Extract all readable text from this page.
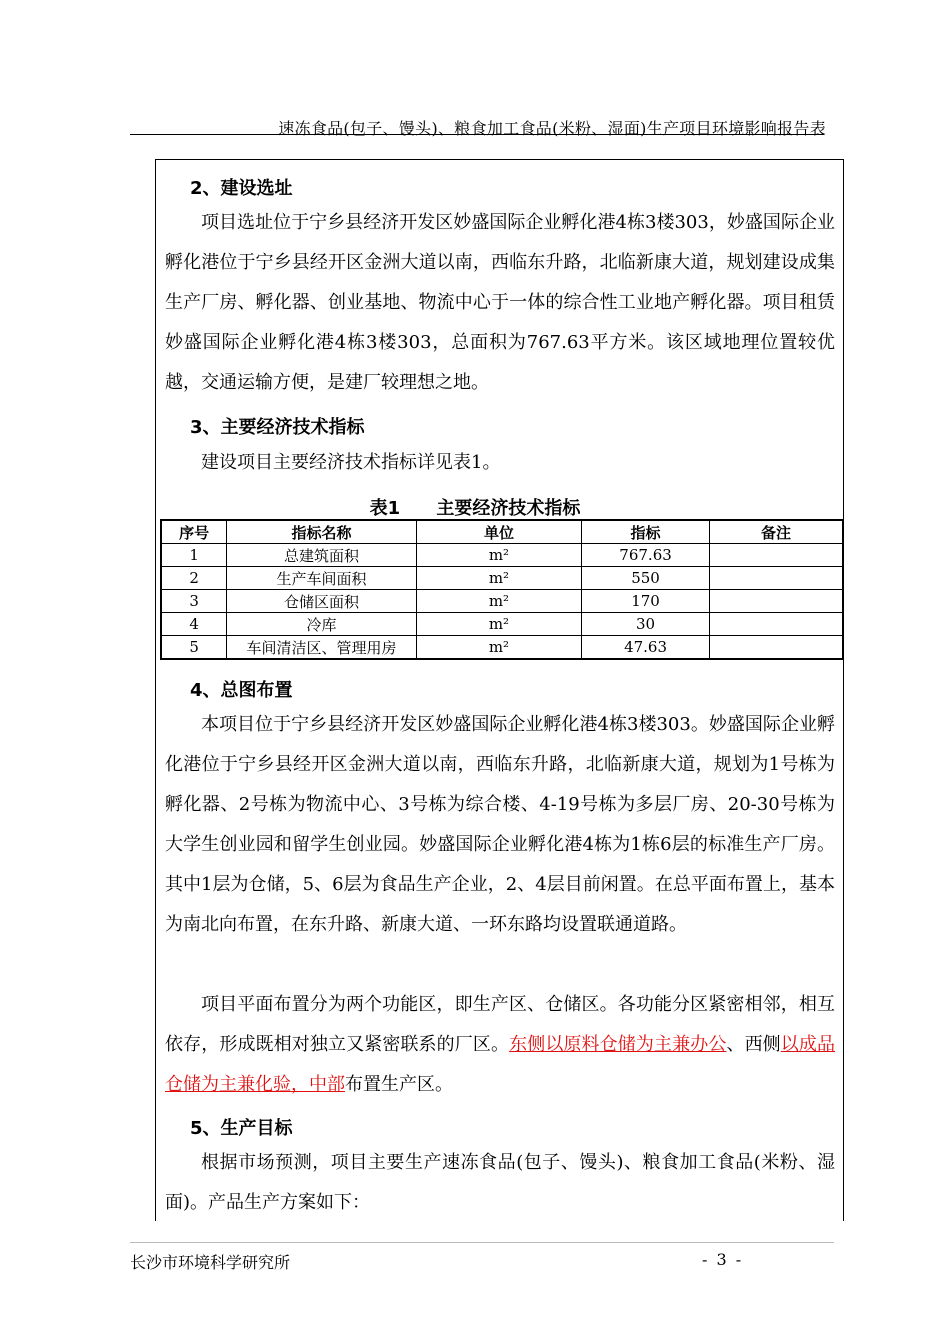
速冻食品(包子、馒头)、粮食加工食品(米粉、湿面)生产项目环境影响报告表
2、建设选址

项目选址位于宁乡县经济开发区妙盛国际企业孵化港4栋3楼303，妙盛国际企业孵化港位于宁乡县经开区金洲大道以南，西临东升路，北临新康大道，规划建设成集生产厂房、孵化器、创业基地、物流中心于一体的综合性工业地产孵化器。项目租赁妙盛国际企业孵化港4栋3楼303，总面积为767.63平方米。该区域地理位置较优越，交通运输方便，是建厂较理想之地。

3、主要经济技术指标

建设项目主要经济技术指标详见表1。

表1 主要经济技术指标
序号	指标名称	单位	指标	备注
1	总建筑面积	m²	767.63	
2	生产车间面积	m²	550	
3	仓储区面积	m²	170	
4	冷库	m²	30	
5	车间清洁区、管理用房	m²	47.63	
4、总图布置

本项目位于宁乡县经济开发区妙盛国际企业孵化港4栋3楼303。妙盛国际企业孵化港位于宁乡县经开区金洲大道以南，西临东升路，北临新康大道，规划为1号栋为孵化器、2号栋为物流中心、3号栋为综合楼、4-19号栋为多层厂房、20-30号栋为大学生创业园和留学生创业园。妙盛国际企业孵化港4栋为1栋6层的标准生产厂房。其中1层为仓储，5、6层为食品生产企业，2、4层目前闲置。在总平面布置上，基本为南北向布置，在东升路、新康大道、一环东路均设置联通道路。

项目平面布置分为两个功能区，即生产区、仓储区。各功能分区紧密相邻，相互依存，形成既相对独立又紧密联系的厂区。东侧以原料仓储为主兼办公、西侧以成品仓储为主兼化验，中部布置生产区。

5、生产目标

根据市场预测，项目主要生产速冻食品(包子、馒头)、粮食加工食品(米粉、湿面)。产品生产方案如下：

长沙市环境科学研究所	- 3 -
